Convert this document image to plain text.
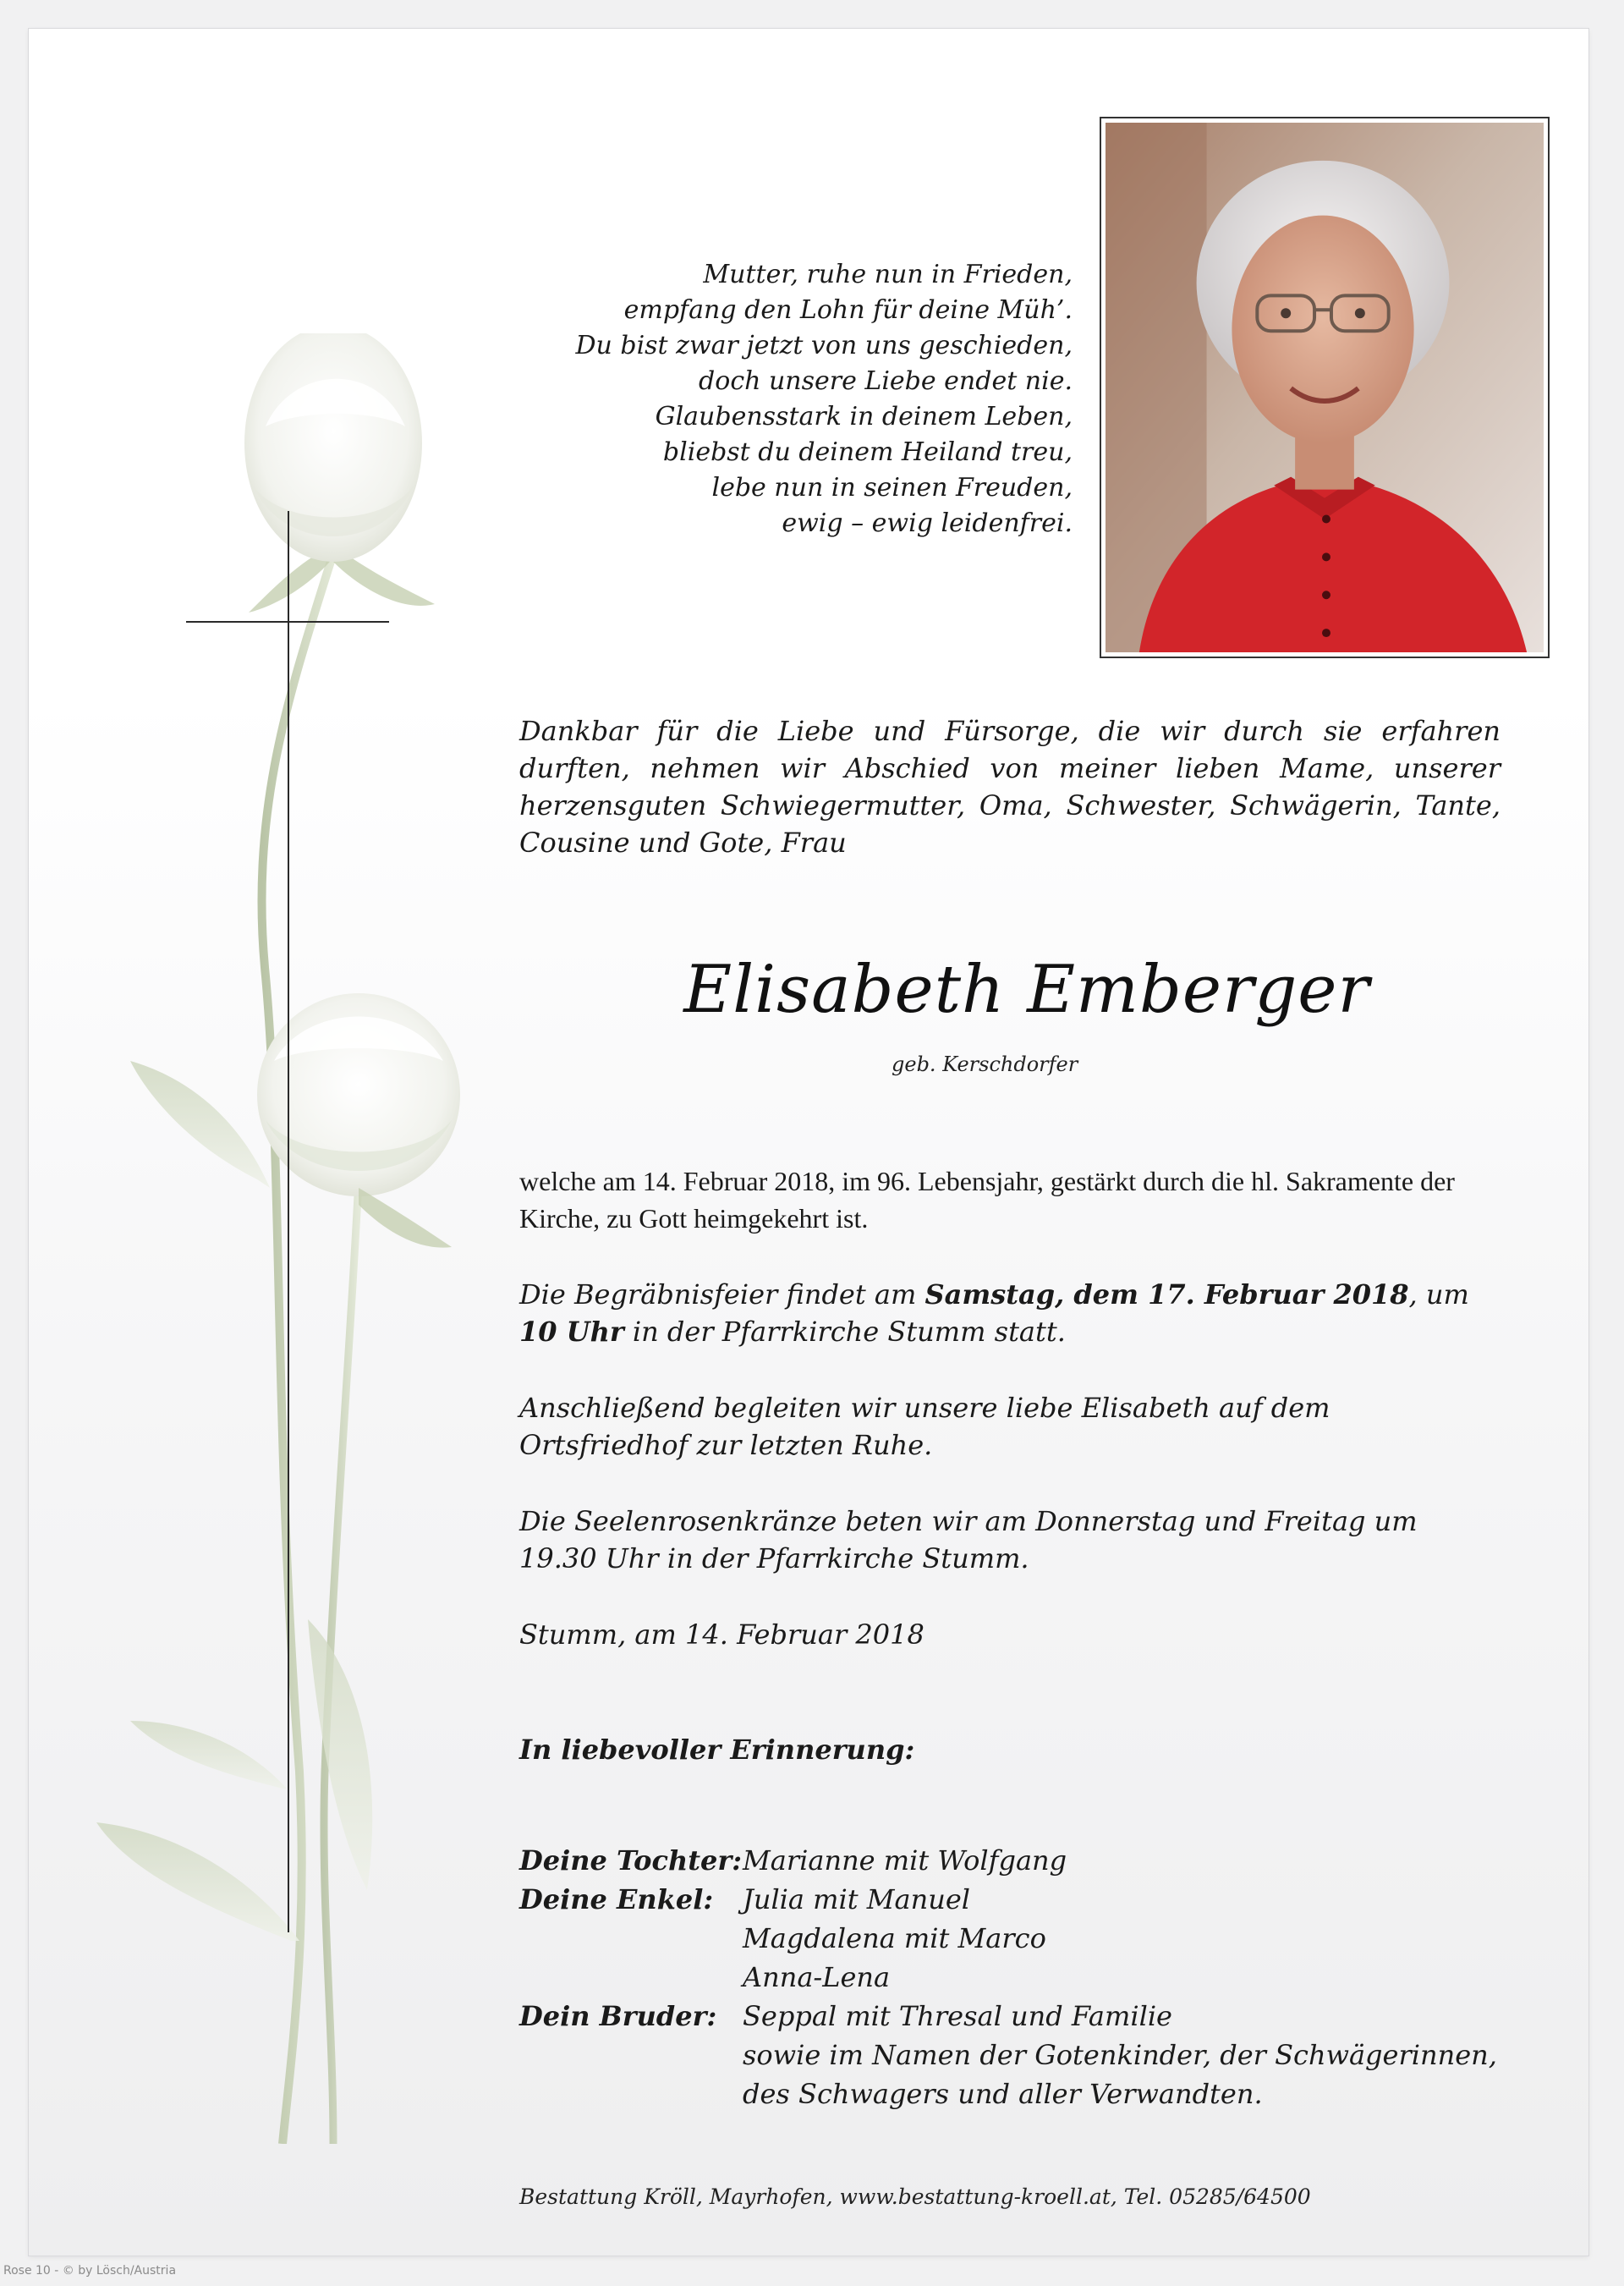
Mutter, ruhe nun in Frieden,
empfang den Lohn für deine Müh’.
Du bist zwar jetzt von uns geschieden,
doch unsere Liebe endet nie.
Glaubensstark in deinem Leben,
bliebst du deinem Heiland treu,
lebe nun in seinen Freuden,
ewig – ewig leidenfrei.
Dankbar für die Liebe und Fürsorge, die wir durch sie erfahren durften, nehmen wir Abschied von meiner lieben Mame, unserer herzensguten Schwiegermutter, Oma, Schwester, Schwägerin, Tante, Cousine und Gote, Frau
Elisabeth Emberger
geb. Kerschdorfer
welche am 14. Februar 2018, im 96. Lebensjahr, gestärkt durch die hl. Sakramente der Kirche, zu Gott heimgekehrt ist.
Die Begräbnisfeier findet am Samstag, dem 17. Februar 2018, um 10 Uhr in der Pfarrkirche Stumm statt.
Anschließend begleiten wir unsere liebe Elisabeth auf dem Ortsfriedhof zur letzten Ruhe.
Die Seelenrosenkränze beten wir am Donnerstag und Freitag um 19.30 Uhr in der Pfarrkirche Stumm.
Stumm, am 14. Februar 2018
In liebevoller Erinnerung:
Deine Tochter: Marianne mit Wolfgang
Deine Enkel:	Julia mit Manuel
Magdalena mit Marco
Anna-Lena
Dein Bruder: Seppal mit Thresal und Familie
sowie im Namen der Gotenkinder, der Schwägerinnen,
des Schwagers und aller Verwandten.
Bestattung Kröll, Mayrhofen, www.bestattung-kroell.at, Tel. 05285/64500
Rose 10 - © by Lösch/Austria
